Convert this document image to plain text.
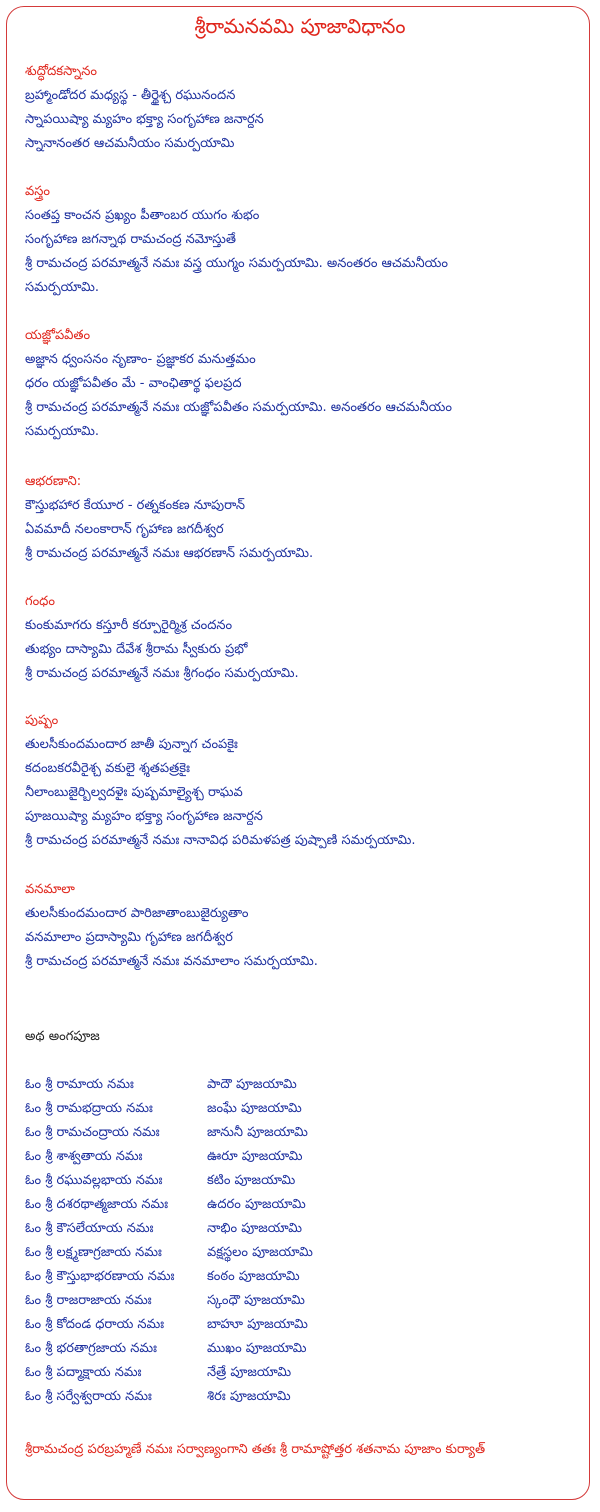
శ్రీరామనవమి పూజావిధానం
శుద్ధోదకస్నానం
బ్రహ్మాండోదర మధ్యస్థ - తీర్థైశ్చ రఘునందన
స్నాపయిష్యా మ్యహం భక్త్యా సంగృహాణ జనార్దన
స్నానానంతర ఆచమనీయం సమర్పయామి
వస్త్రం
సంతప్త కాంచన ప్రఖ్యం పీతాంబర యుగం శుభం
సంగృహాణ జగన్నాథ రామచంద్ర నమోస్తుతే
శ్రీ రామచంద్ర పరమాత్మనే నమః వస్త్ర యుగ్మం సమర్పయామి. అనంతరం ఆచమనీయం
సమర్పయామి.
యజ్ఞోపవీతం
అజ్ఞాన ధ్వంసనం నృణాం- ప్రజ్ఞాకర మనుత్తమం
ధరం యజ్ఞోపవీతం మే - వాంఛితార్థ ఫలప్రద
శ్రీ రామచంద్ర పరమాత్మనే నమః యజ్ఞోపవీతం సమర్పయామి. అనంతరం ఆచమనీయం
సమర్పయామి.
ఆభరణాని:
కౌస్తుభహార కేయూర - రత్నకంకణ నూపురాన్
ఏవమాదీ నలంకారాన్ గృహాణ జగదీశ్వర
శ్రీ రామచంద్ర పరమాత్మనే నమః ఆభరణాన్ సమర్పయామి.
గంధం
కుంకుమాగరు కస్తూరీ కర్పూరైర్మిశ్ర చందనం
తుభ్యం దాస్యామి దేవేశ శ్రీరామ స్వీకురు ప్రభో
శ్రీ రామచంద్ర పరమాత్మనే నమః శ్రీగంధం సమర్పయామి.
పుష్పం
తులసీకుందమందార జాతీ పున్నాగ చంపకైః
కదంబకరవీరైశ్చ వకులై శ్శతపత్రకైః
నీలాంబుజైర్బిల్వదళైః పుష్పమాల్యైశ్చ రాఘవ
పూజయిష్యా మ్యహం భక్త్యా సంగృహాణ జనార్దన
శ్రీ రామచంద్ర పరమాత్మనే నమః నానావిధ పరిమళపత్ర పుష్పాణి సమర్పయామి.
వనమాలా
తులసీకుందమందార పారిజాతాంబుజైర్యుతాం
వనమాలాం ప్రదాస్యామి గృహాణ జగదీశ్వర
శ్రీ రామచంద్ర పరమాత్మనే నమః వనమాలాం సమర్పయామి.
అథ అంగపూజ
ఓం శ్రీ రామాయ నమః	పాదౌ పూజయామి
ఓం శ్రీ రామభద్రాయ నమః	జంఘే పూజయామి
ఓం శ్రీ రామచంద్రాయ నమః	జానునీ పూజయామి
ఓం శ్రీ శాశ్వతాయ నమః	ఊరూ పూజయామి
ఓం శ్రీ రఘువల్లభాయ నమః	కటిం పూజయామి
ఓం శ్రీ దశరథాత్మజాయ నమః	ఉదరం పూజయామి
ఓం శ్రీ కౌసలేయాయ నమః	నాభిం పూజయామి
ఓం శ్రీ లక్ష్మణాగ్రజాయ నమః	వక్షస్థలం పూజయామి
ఓం శ్రీ కౌస్తుభాభరణాయ నమః	కంఠం పూజయామి
ఓం శ్రీ రాజరాజాయ నమః	స్కంధౌ పూజయామి
ఓం శ్రీ కోదండ ధరాయ నమః	బాహూ పూజయామి
ఓం శ్రీ భరతాగ్రజాయ నమః	ముఖం పూజయామి
ఓం శ్రీ పద్మాక్షాయ నమః	నేత్రే పూజయామి
ఓం శ్రీ సర్వేశ్వరాయ నమః	శిరః పూజయామి
శ్రీరామచంద్ర పరబ్రహ్మణే నమః సర్వాణ్యంగాని తతః శ్రీ రామాష్టోత్తర శతనామ పూజాం కుర్యాత్
